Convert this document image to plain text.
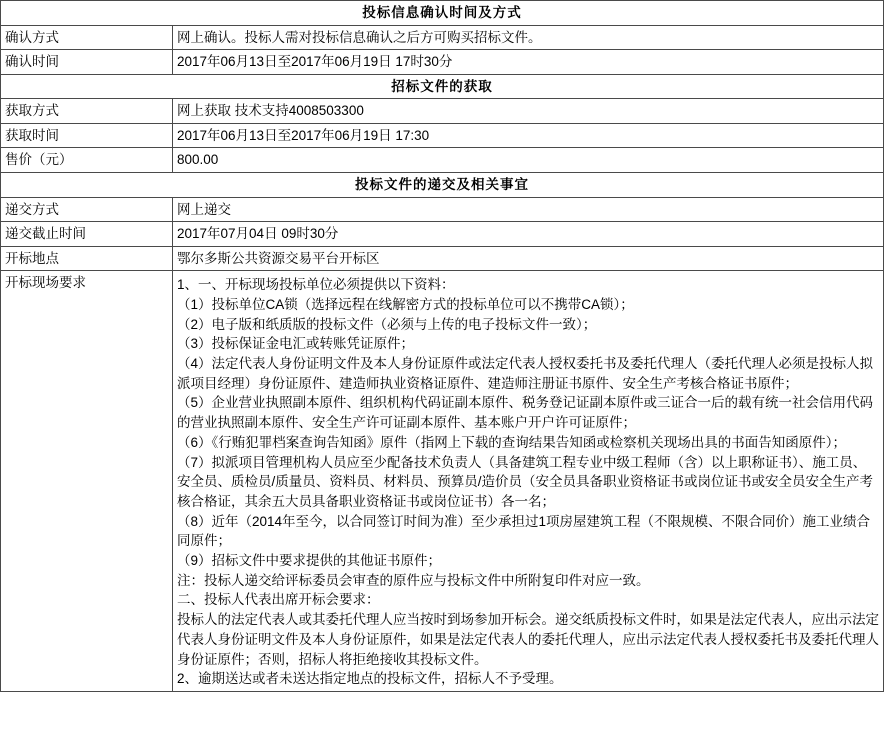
投标信息确认时间及方式	
确认方式	网上确认。投标人需对投标信息确认之后方可购买招标文件。
确认时间	2017年06月13日至2017年06月19日 17时30分
招标文件的获取	
获取方式	网上获取 技术支持4008503300
获取时间	2017年06月13日至2017年06月19日 17:30
售价（元）	800.00
投标文件的递交及相关事宜	
递交方式	网上递交
递交截止时间	2017年07月04日 09时30分
开标地点	鄂尔多斯公共资源交易平台开标区
开标现场要求	1、一、开标现场投标单位必须提供以下资料：

（1）投标单位CA锁（选择远程在线解密方式的投标单位可以不携带CA锁）；

（2）电子版和纸质版的投标文件（必须与上传的电子投标文件一致）；

（3）投标保证金电汇或转账凭证原件；

（4）法定代表人身份证明文件及本人身份证原件或法定代表人授权委托书及委托代理人（委托代理人必须是投标人拟派项目经理）身份证原件、建造师执业资格证原件、建造师注册证书原件、安全生产考核合格证书原件；

（5）企业营业执照副本原件、组织机构代码证副本原件、税务登记证副本原件或三证合一后的载有统一社会信用代码的营业执照副本原件、安全生产许可证副本原件、基本账户开户许可证原件；

（6）《行贿犯罪档案查询告知函》原件（指网上下载的查询结果告知函或检察机关现场出具的书面告知函原件）；

（7）拟派项目管理机构人员应至少配备技术负责人（具备建筑工程专业中级工程师（含）以上职称证书）、施工员、安全员、质检员/质量员、资料员、材料员、预算员/造价员（安全员具备职业资格证书或岗位证书或安全员安全生产考核合格证，其余五大员具备职业资格证书或岗位证书）各一名；

（8）近年（2014年至今，以合同签订时间为准）至少承担过1项房屋建筑工程（不限规模、不限合同价）施工业绩合同原件；

（9）招标文件中要求提供的其他证书原件；

注：投标人递交给评标委员会审查的原件应与投标文件中所附复印件对应一致。

二、投标人代表出席开标会要求：

投标人的法定代表人或其委托代理人应当按时到场参加开标会。递交纸质投标文件时，如果是法定代表人，应出示法定代表人身份证明文件及本人身份证原件，如果是法定代表人的委托代理人，应出示法定代表人授权委托书及委托代理人身份证原件；否则，招标人将拒绝接收其投标文件。

2、逾期送达或者未送达指定地点的投标文件，招标人不予受理。
